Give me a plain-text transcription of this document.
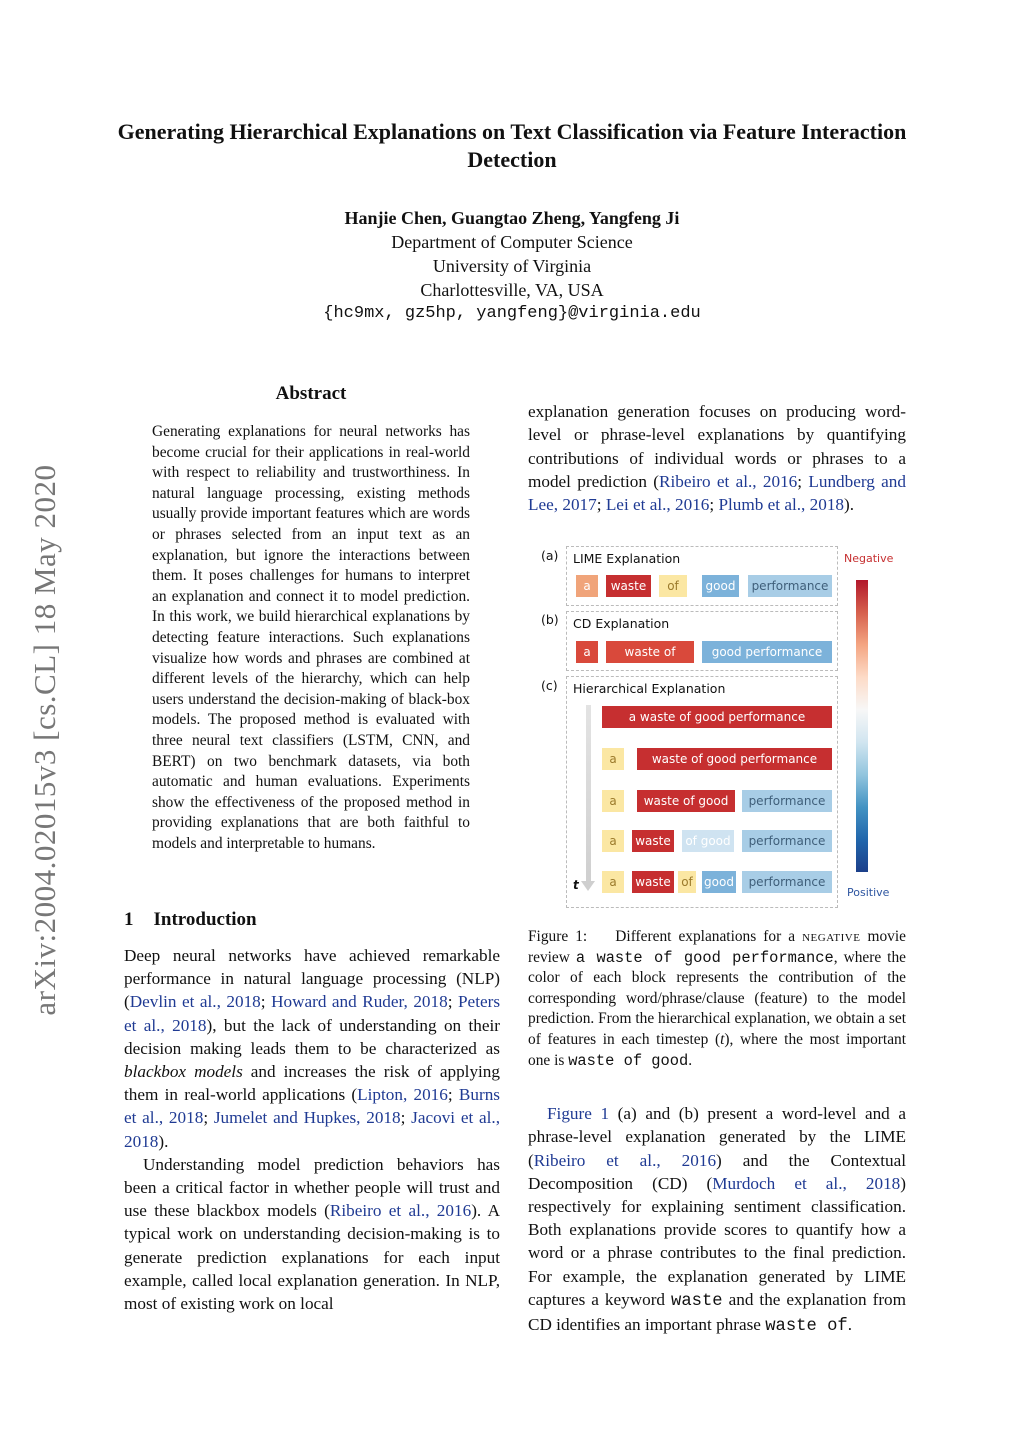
arXiv:2004.02015v3 [cs.CL] 18 May 2020
Generating Hierarchical Explanations on Text Classification via Feature Interaction Detection
Hanjie Chen, Guangtao Zheng, Yangfeng Ji
Department of Computer Science
University of Virginia
Charlottesville, VA, USA
{hc9mx, gz5hp, yangfeng}@virginia.edu
Abstract
Generating explanations for neural networks has become crucial for their applications in real-world with respect to reliability and trustworthiness. In natural language processing, existing methods usually provide important features which are words or phrases selected from an input text as an explanation, but ignore the interactions between them. It poses challenges for humans to interpret an explanation and connect it to model prediction. In this work, we build hierarchical explanations by detecting feature interactions. Such explanations visualize how words and phrases are combined at different levels of the hierarchy, which can help users understand the decision-making of black-box models. The proposed method is evaluated with three neural text classifiers (LSTM, CNN, and BERT) on two benchmark datasets, via both automatic and human evaluations. Experiments show the effectiveness of the proposed method in providing explanations that are both faithful to models and interpretable to humans.
1 Introduction

Deep neural networks have achieved remarkable performance in natural language processing (NLP) (Devlin et al., 2018; Howard and Ruder, 2018; Peters et al., 2018), but the lack of understanding on their decision making leads them to be characterized as blackbox models and increases the risk of applying them in real-world applications (Lipton, 2016; Burns et al., 2018; Jumelet and Hupkes, 2018; Jacovi et al., 2018).

Understanding model prediction behaviors has been a critical factor in whether people will trust and use these blackbox models (Ribeiro et al., 2016). A typical work on understanding decision-making is to generate prediction explanations for each input example, called local explanation generation. In NLP, most of existing work on local

explanation generation focuses on producing word-level or phrase-level explanations by quantifying contributions of individual words or phrases to a model prediction (Ribeiro et al., 2016; Lundberg and Lee, 2017; Lei et al., 2016; Plumb et al., 2018).

(a) LIME Explanation
a	waste	of	good performance
(b) CD Explanation
a	waste of	good performance
(c) Hierarchical Explanation
t
a waste of good performance
a	waste of good performance
a	waste of good	performance
a	waste of good	performance
a	waste of good	performance
Negative
Positive
Figure 1: Different explanations for a negative movie review a waste of good performance, where the color of each block represents the contribution of the corresponding word/phrase/clause (feature) to the model prediction. From the hierarchical explanation, we obtain a set of features in each timestep (t), where the most important one is waste of good.

Figure 1 (a) and (b) present a word-level and a phrase-level explanation generated by the LIME (Ribeiro et al., 2016) and the Contextual Decomposition (CD) (Murdoch et al., 2018) respectively for explaining sentiment classification. Both explanations provide scores to quantify how a word or a phrase contributes to the final prediction. For example, the explanation generated by LIME captures a keyword waste and the explanation from CD identifies an important phrase waste of.
